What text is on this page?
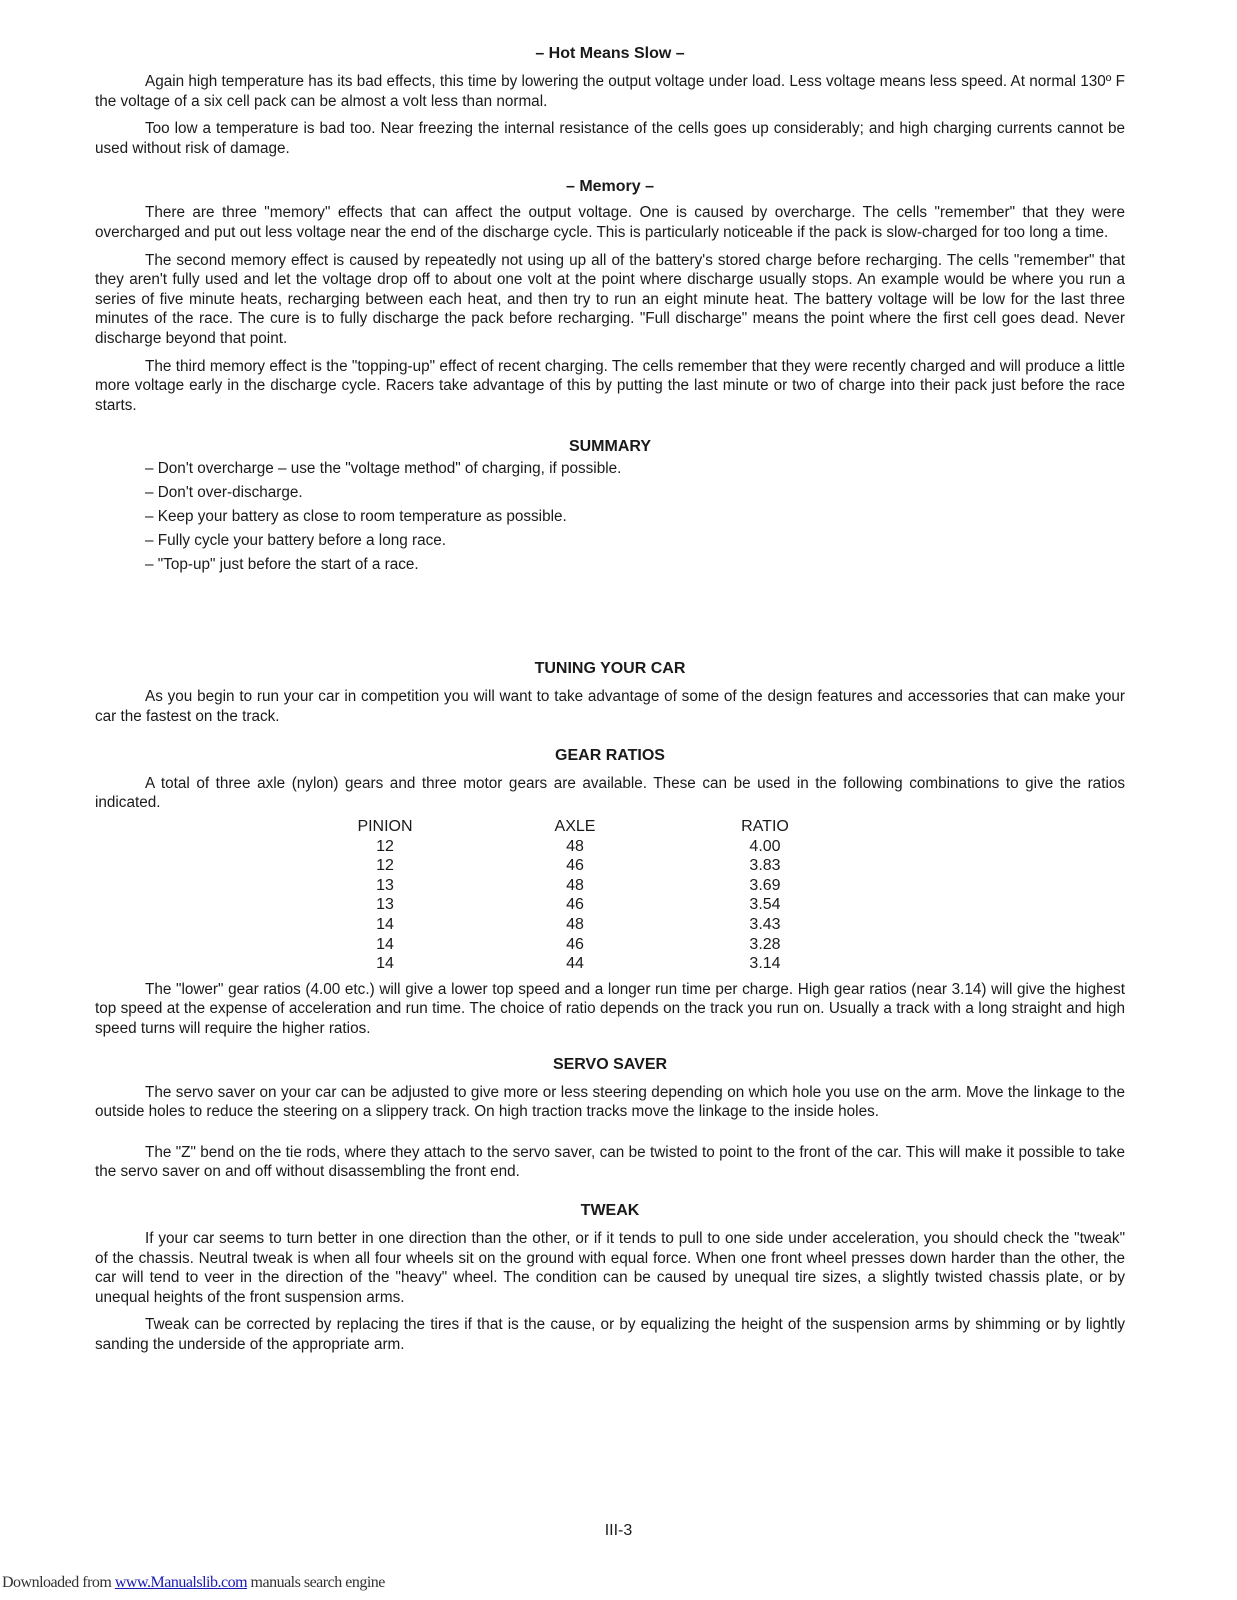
– Hot Means Slow –

Again high temperature has its bad effects, this time by lowering the output voltage under load. Less voltage means less speed. At normal 130º F the voltage of a six cell pack can be almost a volt less than normal.

Too low a temperature is bad too. Near freezing the internal resistance of the cells goes up considerably; and high charging currents cannot be used without risk of damage.

– Memory –

There are three "memory" effects that can affect the output voltage. One is caused by overcharge. The cells "remember" that they were overcharged and put out less voltage near the end of the discharge cycle. This is particularly noticeable if the pack is slow-charged for too long a time.

The second memory effect is caused by repeatedly not using up all of the battery's stored charge before recharging. The cells "remember" that they aren't fully used and let the voltage drop off to about one volt at the point where discharge usually stops. An example would be where you run a series of five minute heats, recharging between each heat, and then try to run an eight minute heat. The battery voltage will be low for the last three minutes of the race. The cure is to fully discharge the pack before recharging. "Full discharge" means the point where the first cell goes dead. Never discharge beyond that point.

The third memory effect is the "topping-up" effect of recent charging. The cells remember that they were recently charged and will produce a little more voltage early in the discharge cycle. Racers take advantage of this by putting the last minute or two of charge into their pack just before the race starts.

SUMMARY

– Don't overcharge – use the "voltage method" of charging, if possible.
– Don't over-discharge.
– Keep your battery as close to room temperature as possible.
– Fully cycle your battery before a long race.
– "Top-up" just before the start of a race.

TUNING YOUR CAR

As you begin to run your car in competition you will want to take advantage of some of the design features and accessories that can make your car the fastest on the track.

GEAR RATIOS

A total of three axle (nylon) gears and three motor gears are available. These can be used in the following combinations to give the ratios indicated.

PINION	AXLE	RATIO
12	48	4.00
12	46	3.83
13	48	3.69
13	46	3.54
14	48	3.43
14	46	3.28
14	44	3.14

The "lower" gear ratios (4.00 etc.) will give a lower top speed and a longer run time per charge. High gear ratios (near 3.14) will give the highest top speed at the expense of acceleration and run time. The choice of ratio depends on the track you run on. Usually a track with a long straight and high speed turns will require the higher ratios.

SERVO SAVER

The servo saver on your car can be adjusted to give more or less steering depending on which hole you use on the arm. Move the linkage to the outside holes to reduce the steering on a slippery track. On high traction tracks move the linkage to the inside holes.

The "Z" bend on the tie rods, where they attach to the servo saver, can be twisted to point to the front of the car. This will make it possible to take the servo saver on and off without disassembling the front end.

TWEAK

If your car seems to turn better in one direction than the other, or if it tends to pull to one side under acceleration, you should check the "tweak" of the chassis. Neutral tweak is when all four wheels sit on the ground with equal force. When one front wheel presses down harder than the other, the car will tend to veer in the direction of the "heavy" wheel. The condition can be caused by unequal tire sizes, a slightly twisted chassis plate, or by unequal heights of the front suspension arms.

Tweak can be corrected by replacing the tires if that is the cause, or by equalizing the height of the suspension arms by shimming or by lightly sanding the underside of the appropriate arm.

III-3
Downloaded from www.Manualslib.com manuals search engine
